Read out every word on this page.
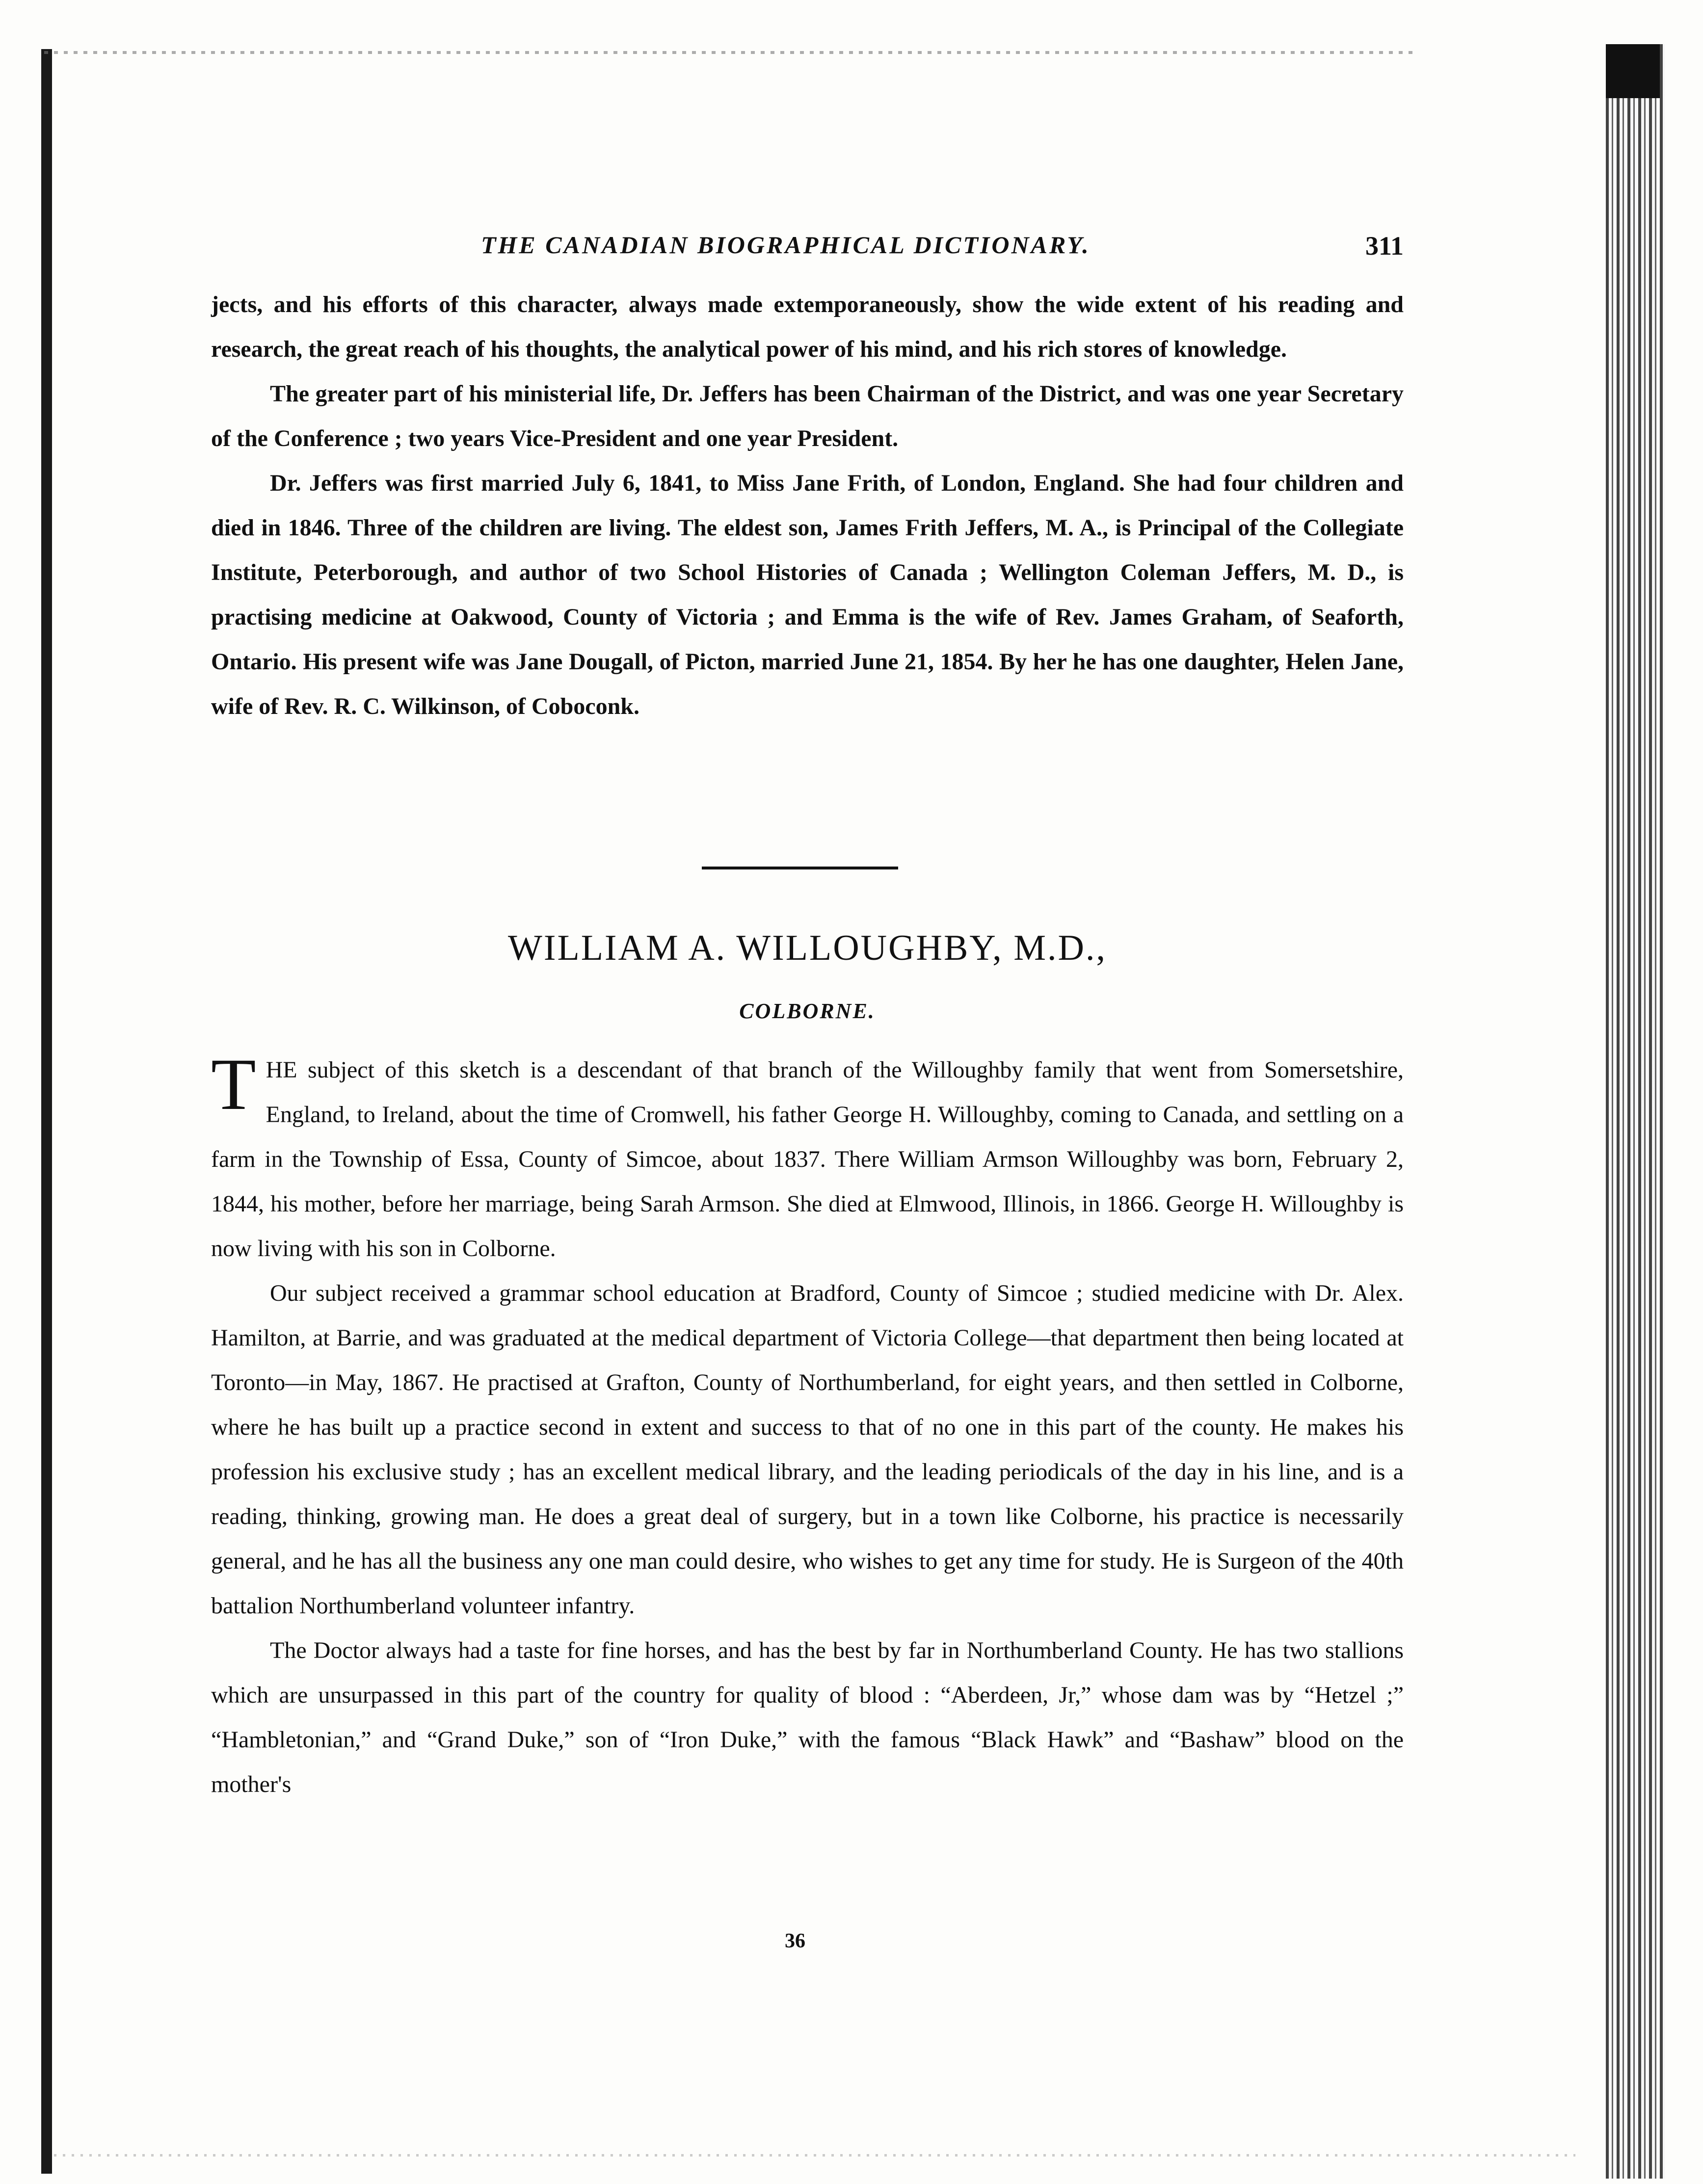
THE CANADIAN BIOGRAPHICAL DICTIONARY.	311

jects, and his efforts of this character, always made extemporaneously, show the wide extent of his reading and research, the great reach of his thoughts, the analytical power of his mind, and his rich stores of knowledge.

The greater part of his ministerial life, Dr. Jeffers has been Chairman of the District, and was one year Secretary of the Conference ; two years Vice-President and one year President.

Dr. Jeffers was first married July 6, 1841, to Miss Jane Frith, of London, England. She had four children and died in 1846. Three of the children are living. The eldest son, James Frith Jeffers, M. A., is Principal of the Collegiate Institute, Peterborough, and author of two School Histories of Canada ; Wellington Coleman Jeffers, M. D., is practising medicine at Oakwood, County of Victoria ; and Emma is the wife of Rev. James Graham, of Seaforth, Ontario. His present wife was Jane Dougall, of Picton, married June 21, 1854. By her he has one daughter, Helen Jane, wife of Rev. R. C. Wilkinson, of Coboconk.

WILLIAM A. WILLOUGHBY, M.D.,
COLBORNE.

THE subject of this sketch is a descendant of that branch of the Willoughby family that went from Somersetshire, England, to Ireland, about the time of Cromwell, his father George H. Willoughby, coming to Canada, and settling on a farm in the Township of Essa, County of Simcoe, about 1837. There William Armson Willoughby was born, February 2, 1844, his mother, before her marriage, being Sarah Armson. She died at Elmwood, Illinois, in 1866. George H. Willoughby is now living with his son in Colborne.

Our subject received a grammar school education at Bradford, County of Simcoe ; studied medicine with Dr. Alex. Hamilton, at Barrie, and was graduated at the medical department of Victoria College—that department then being located at Toronto—in May, 1867. He practised at Grafton, County of Northumberland, for eight years, and then settled in Colborne, where he has built up a practice second in extent and success to that of no one in this part of the county. He makes his profession his exclusive study ; has an excellent medical library, and the leading periodicals of the day in his line, and is a reading, thinking, growing man. He does a great deal of surgery, but in a town like Colborne, his practice is necessarily general, and he has all the business any one man could desire, who wishes to get any time for study. He is Surgeon of the 40th battalion Northumberland volunteer infantry.

The Doctor always had a taste for fine horses, and has the best by far in Northumberland County. He has two stallions which are unsurpassed in this part of the country for quality of blood : “Aberdeen, Jr,” whose dam was by “Hetzel ;” “Hambletonian,” and “Grand Duke,” son of “Iron Duke,” with the famous “Black Hawk” and “Bashaw” blood on the mother's

36
